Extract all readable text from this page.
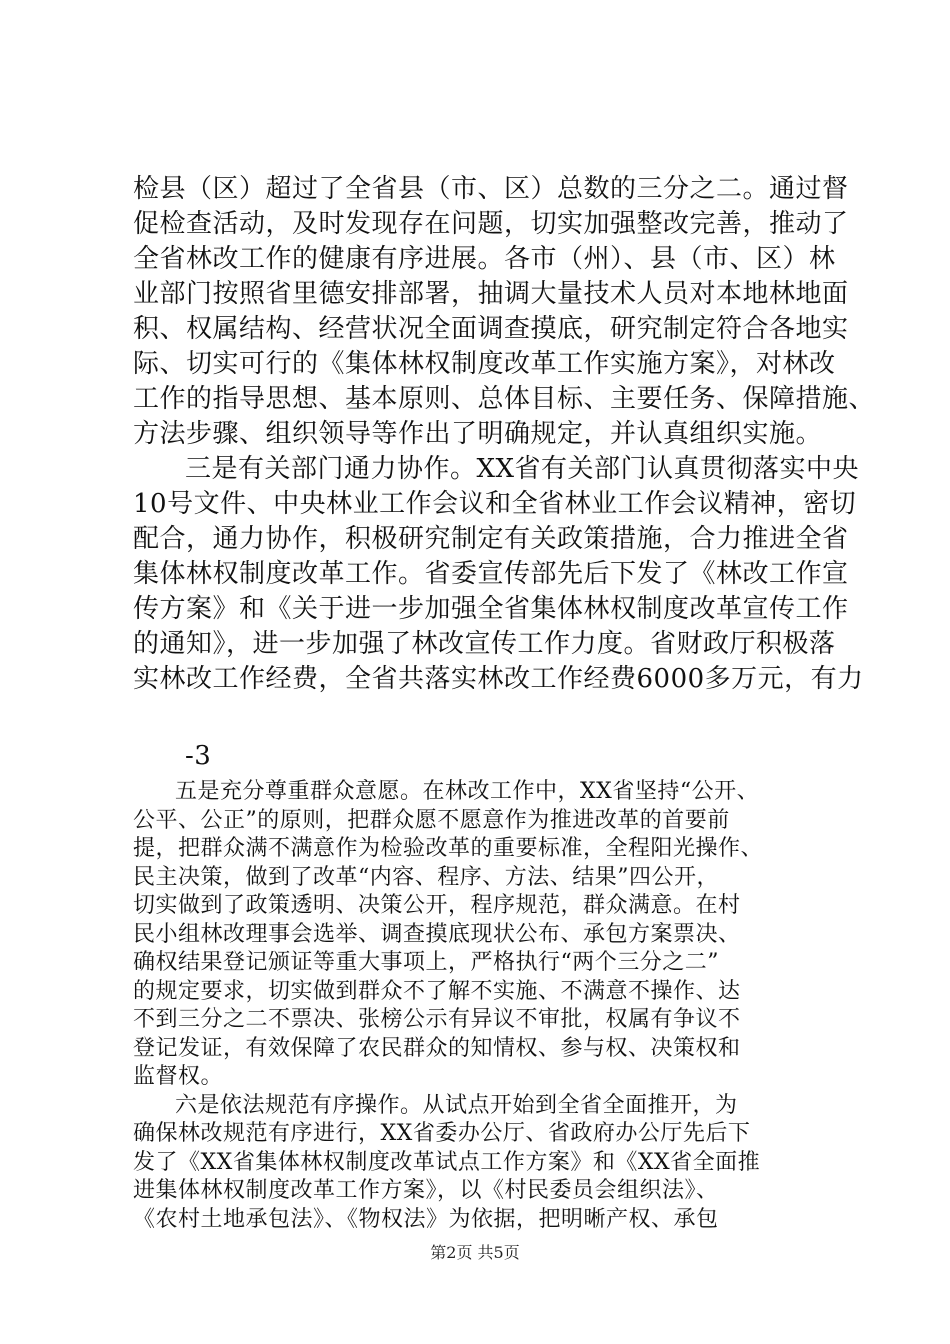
检县（区）超过了全省县（市、区）总数的三分之二。通过督
促检查活动，及时发现存在问题，切实加强整改完善，推动了
全省林改工作的健康有序进展。各市（州）、县（市、区）林
业部门按照省里德安排部署，抽调大量技术人员对本地林地面
积、权属结构、经营状况全面调查摸底，研究制定符合各地实
际、切实可行的《集体林权制度改革工作实施方案》，对林改
工作的指导思想、基本原则、总体目标、主要任务、保障措施、
方法步骤、组织领导等作出了明确规定，并认真组织实施。
三是有关部门通力协作。XX省有关部门认真贯彻落实中央
10号文件、中央林业工作会议和全省林业工作会议精神，密切
配合，通力协作，积极研究制定有关政策措施，合力推进全省
集体林权制度改革工作。省委宣传部先后下发了《林改工作宣
传方案》和《关于进一步加强全省集体林权制度改革宣传工作
的通知》，进一步加强了林改宣传工作力度。省财政厅积极落
实林改工作经费，全省共落实林改工作经费6000多万元，有力
-3
五是充分尊重群众意愿。在林改工作中，XX省坚持“公开、
公平、公正”的原则，把群众愿不愿意作为推进改革的首要前
提，把群众满不满意作为检验改革的重要标准，全程阳光操作、
民主决策，做到了改革“内容、程序、方法、结果”四公开，
切实做到了政策透明、决策公开，程序规范，群众满意。在村
民小组林改理事会选举、调查摸底现状公布、承包方案票决、
确权结果登记颁证等重大事项上，严格执行“两个三分之二”
的规定要求，切实做到群众不了解不实施、不满意不操作、达
不到三分之二不票决、张榜公示有异议不审批，权属有争议不
登记发证，有效保障了农民群众的知情权、参与权、决策权和
监督权。
六是依法规范有序操作。从试点开始到全省全面推开，为
确保林改规范有序进行，XX省委办公厅、省政府办公厅先后下
发了《XX省集体林权制度改革试点工作方案》和《XX省全面推
进集体林权制度改革工作方案》，以《村民委员会组织法》、
《农村土地承包法》、《物权法》为依据，把明晰产权、承包
第2页 共5页
